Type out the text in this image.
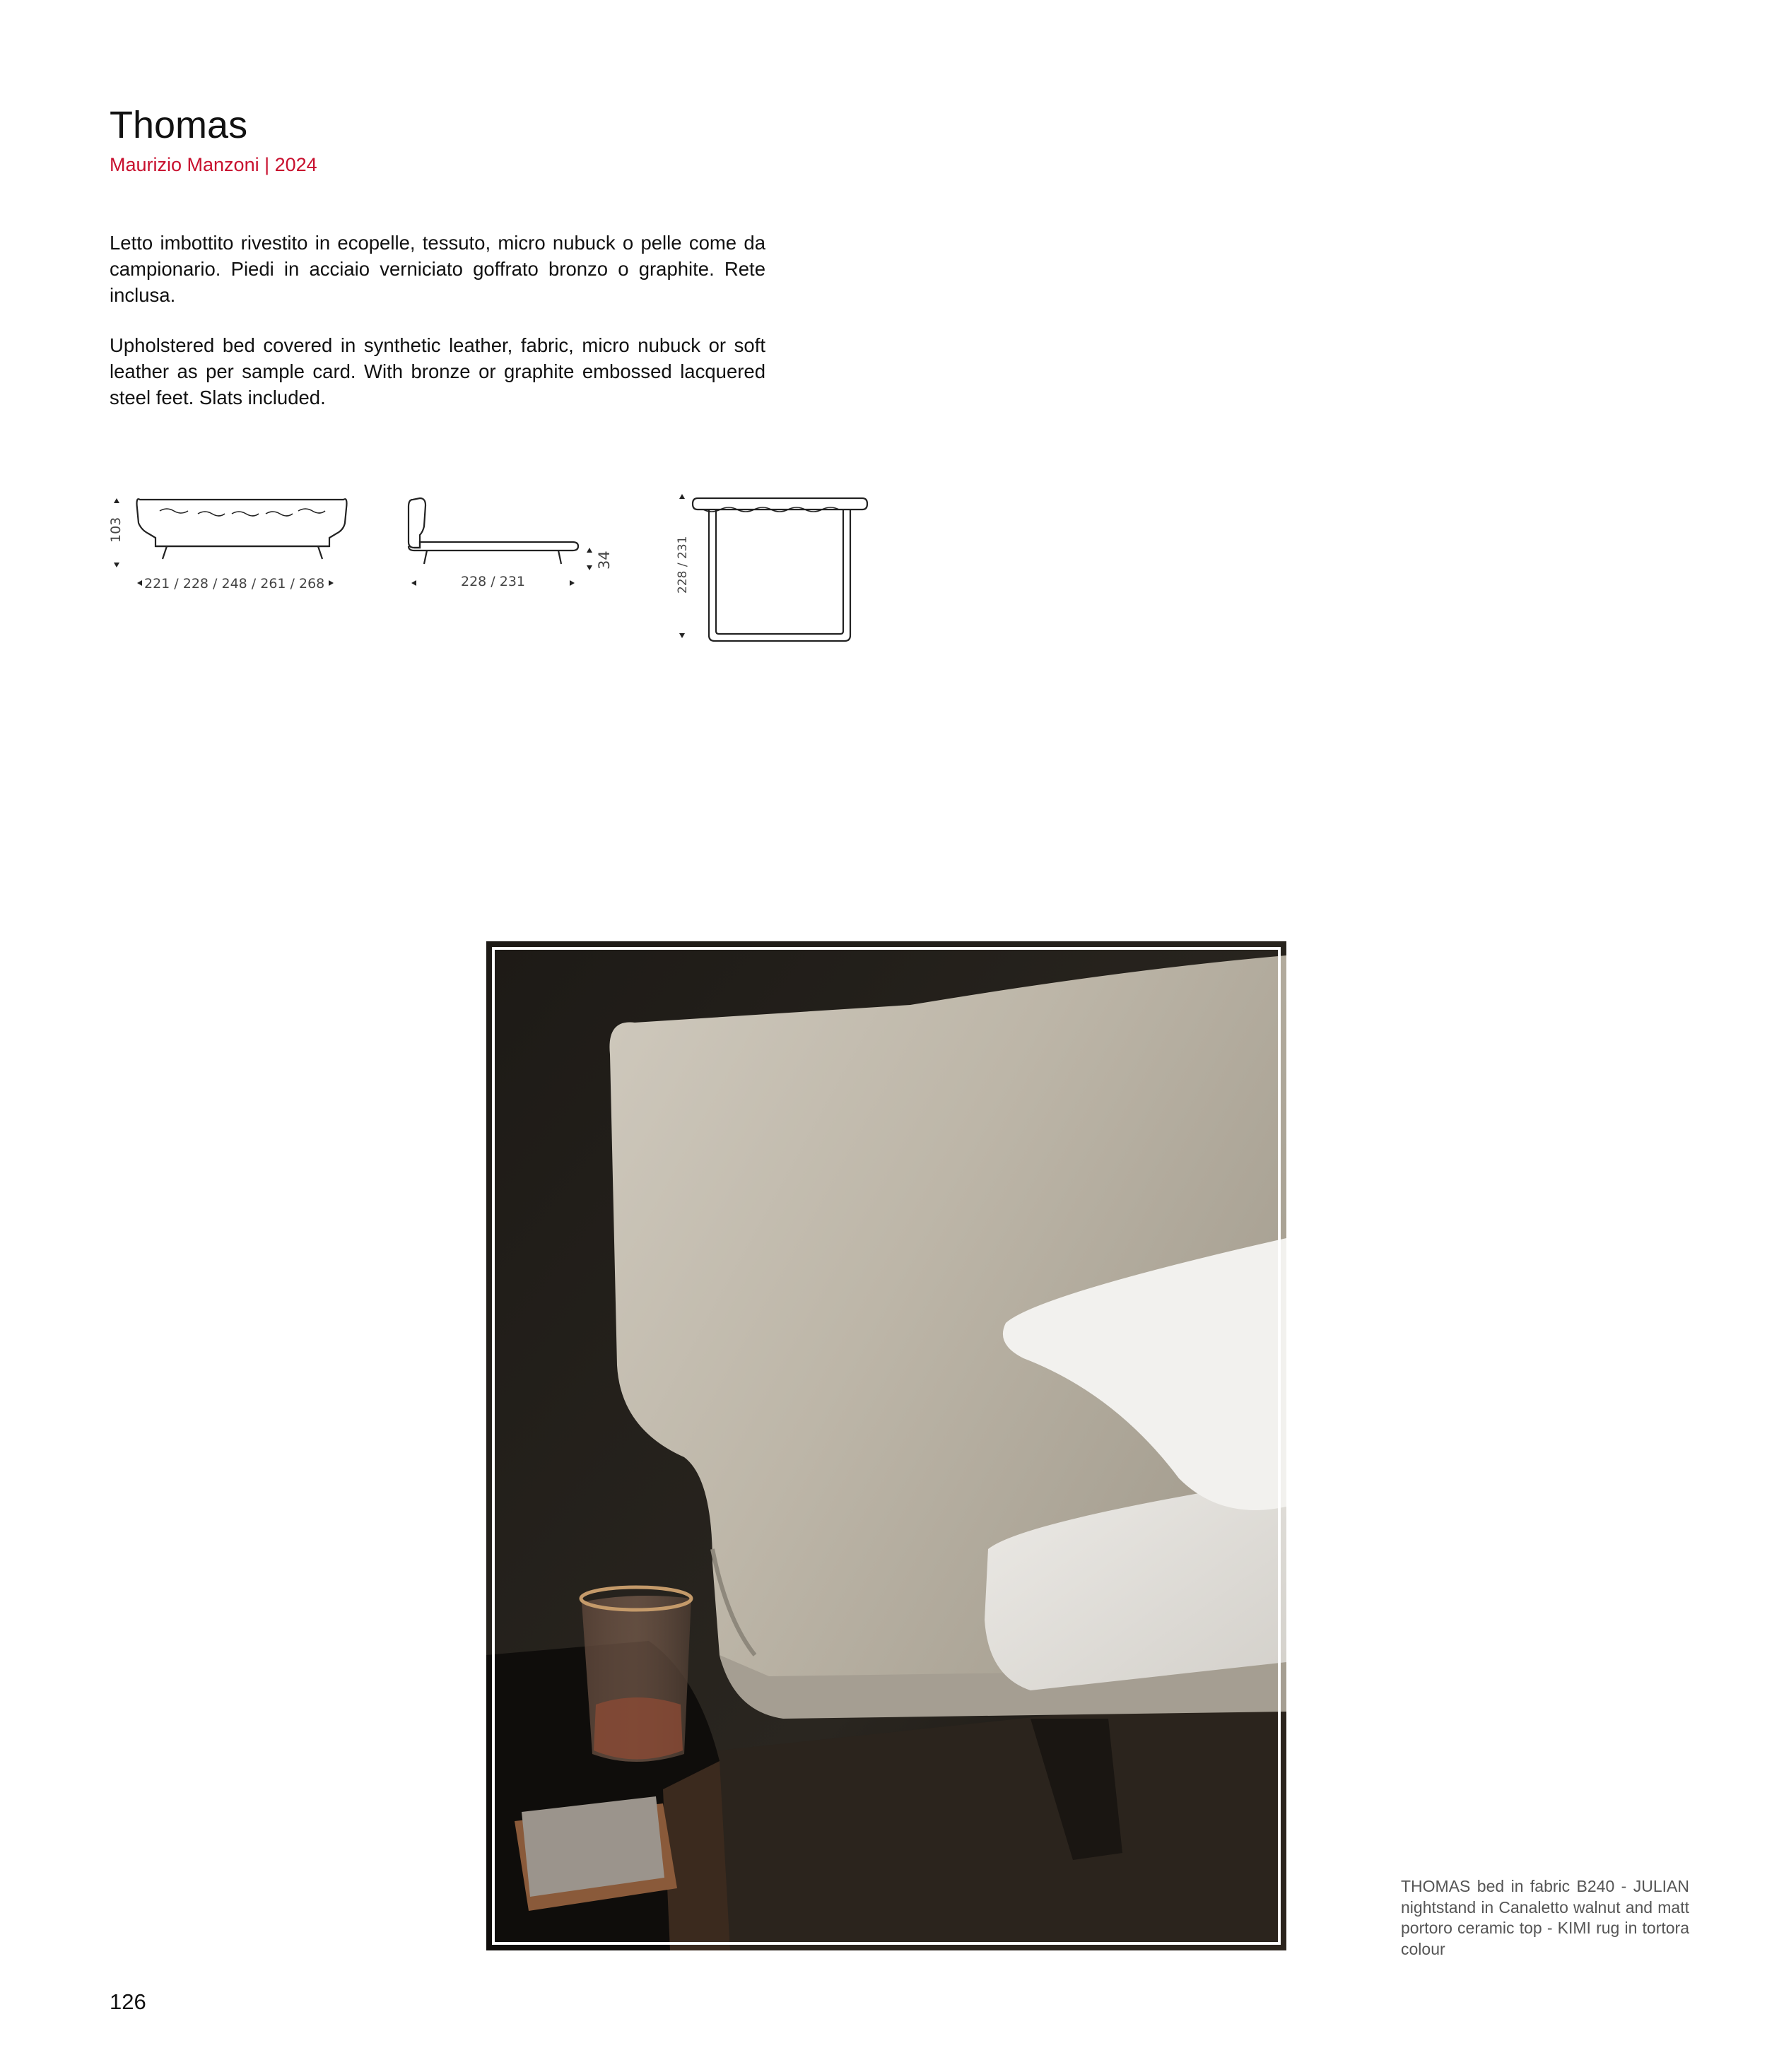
Thomas
Maurizio Manzoni | 2024
Letto imbottito rivestito in ecopelle, tessuto, micro nubuck o pelle come da campionario. Piedi in acciaio verniciato goffrato bronzo o graphite. Rete inclusa.
Upholstered bed covered in synthetic leather, fabric, micro nubuck or soft leather as per sample card. With bronze or graphite embossed lacquered steel feet. Slats included.
103
221 / 228 / 248 / 261 / 268	228 / 231
34	228 / 231
THOMAS bed in fabric B240 - JULIAN nightstand in Canaletto walnut and matt portoro ceramic top - KIMI rug in tortora colour
126
